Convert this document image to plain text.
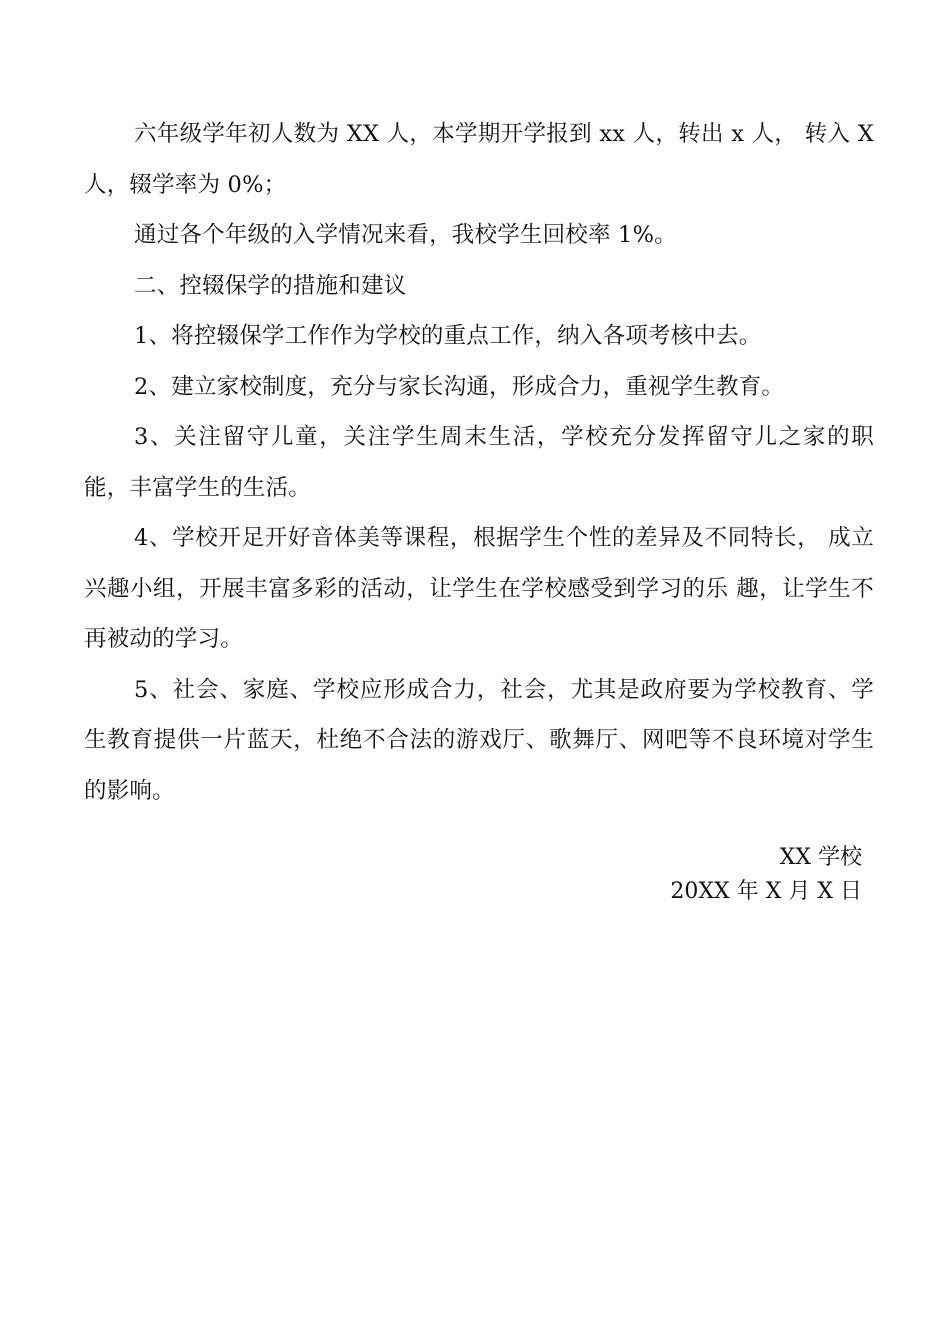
六年级学年初人数为 XX 人，本学期开学报到 xx 人，转出 x 人， 转入 X 人，辍学率为 0%；

通过各个年级的入学情况来看，我校学生回校率 1%。

二、控辍保学的措施和建议

1、将控辍保学工作作为学校的重点工作，纳入各项考核中去。

2、建立家校制度，充分与家长沟通，形成合力，重视学生教育。

3、关注留守儿童，关注学生周末生活，学校充分发挥留守儿之家的职能，丰富学生的生活。

4、学校开足开好音体美等课程，根据学生个性的差异及不同特长， 成立兴趣小组，开展丰富多彩的活动，让学生在学校感受到学习的乐 趣，让学生不再被动的学习。

5、社会、家庭、学校应形成合力，社会，尤其是政府要为学校教育、学生教育提供一片蓝天，杜绝不合法的游戏厅、歌舞厅、网吧等不良环境对学生的影响。

XX 学校
20XX 年 X 月 X 日
